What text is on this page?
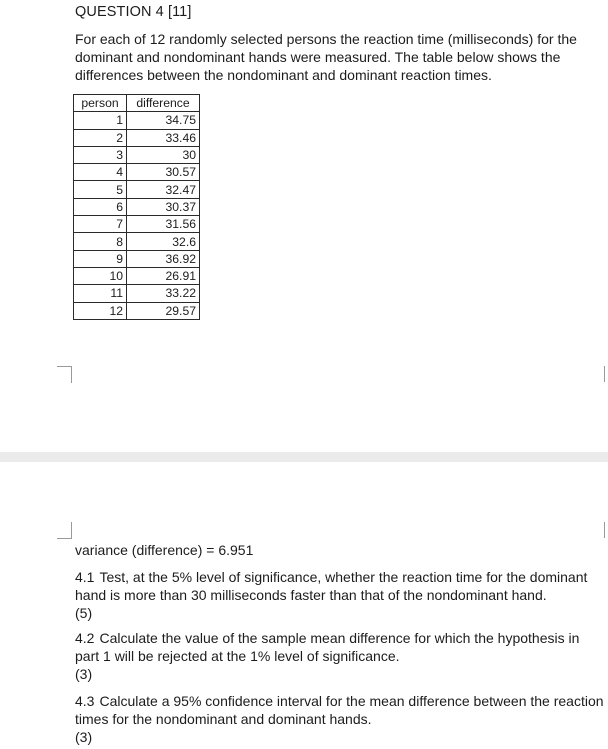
QUESTION 4 [11]
For each of 12 randomly selected persons the reaction time (milliseconds) for the dominant and nondominant hands were measured. The table below shows the differences between the nondominant and dominant reaction times.
person	difference
1	34.75
2	33.46
3	30
4	30.57
5	32.47
6	30.37
7	31.56
8	32.6
9	36.92
10	26.91
11	33.22
12	29.57
variance (difference) = 6.951
4.1 Test, at the 5% level of significance, whether the reaction time for the dominant hand is more than 30 milliseconds faster than that of the nondominant hand.
(5)
4.2 Calculate the value of the sample mean difference for which the hypothesis in part 1 will be rejected at the 1% level of significance.
(3)
4.3 Calculate a 95% confidence interval for the mean difference between the reaction times for the nondominant and dominant hands.
(3)
